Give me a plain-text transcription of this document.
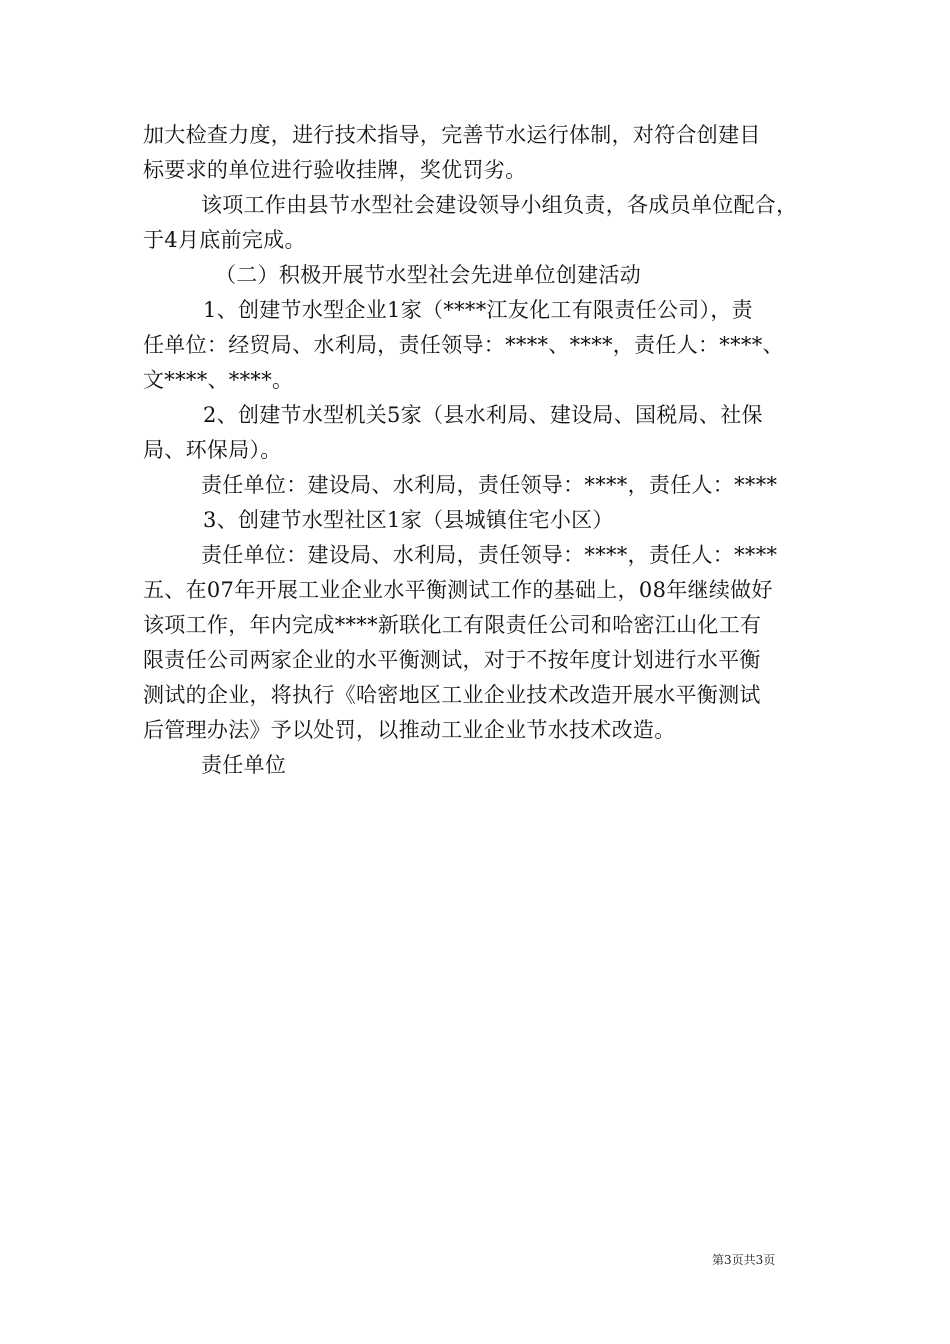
加大检查力度，进行技术指导，完善节水运行体制，对符合创建目
标要求的单位进行验收挂牌，奖优罚劣。
该项工作由县节水型社会建设领导小组负责，各成员单位配合，
于4月底前完成。
（二）积极开展节水型社会先进单位创建活动
1、创建节水型企业1家（****江友化工有限责任公司），责
任单位：经贸局、水利局，责任领导：****、****，责任人：****、
文****、****。
2、创建节水型机关5家（县水利局、建设局、国税局、社保
局、环保局）。
责任单位：建设局、水利局，责任领导：****，责任人：****
3、创建节水型社区1家（县城镇住宅小区）
责任单位：建设局、水利局，责任领导：****，责任人：****
五、在07年开展工业企业水平衡测试工作的基础上，08年继续做好
该项工作，年内完成****新联化工有限责任公司和哈密江山化工有
限责任公司两家企业的水平衡测试，对于不按年度计划进行水平衡
测试的企业，将执行《哈密地区工业企业技术改造开展水平衡测试
后管理办法》予以处罚，以推动工业企业节水技术改造。
责任单位
第3页共3页
